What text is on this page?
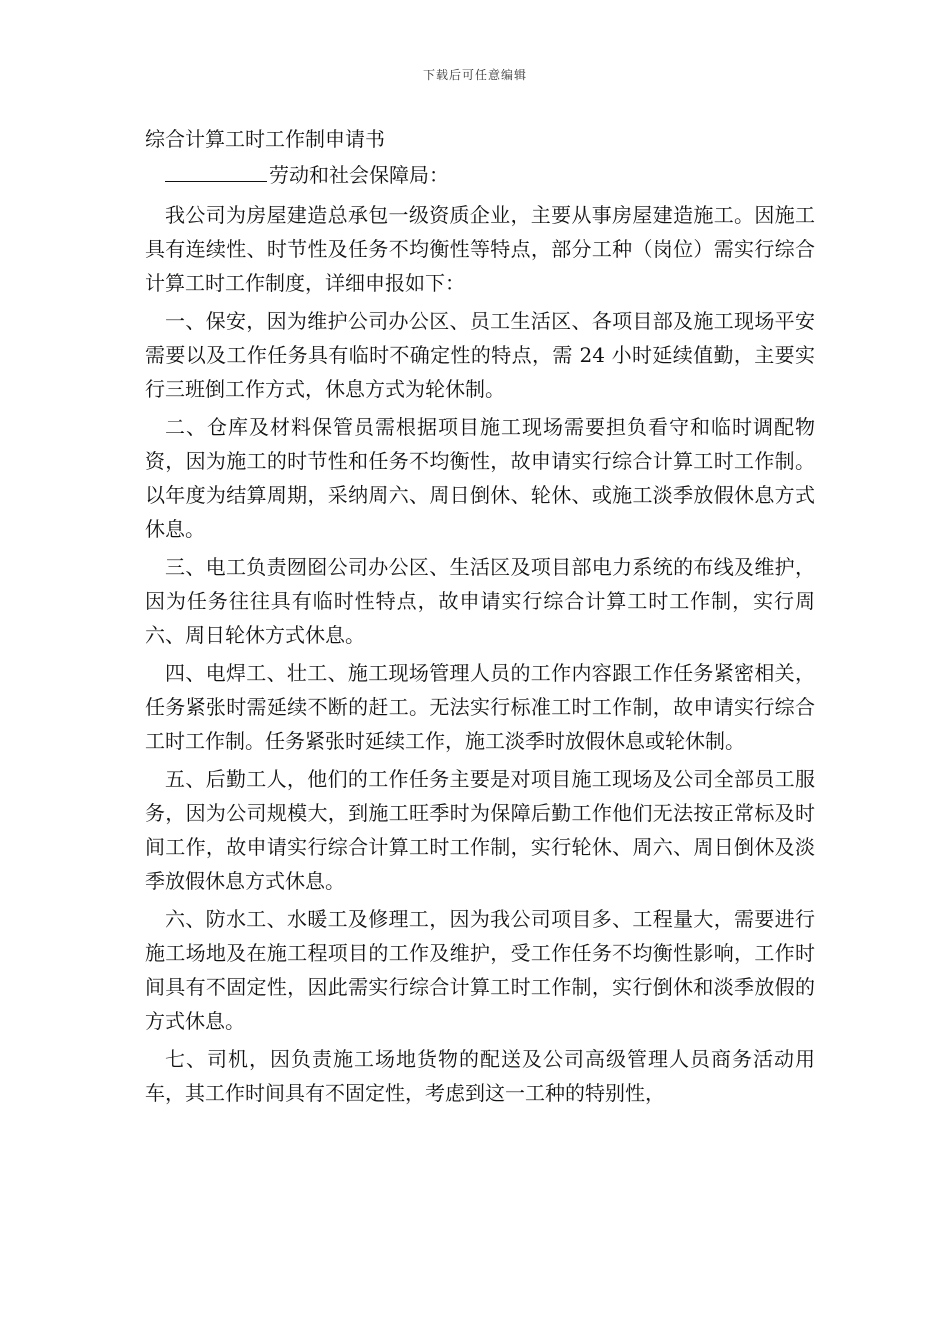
下载后可任意编辑
综合计算工时工作制申请书

劳动和社会保障局：

我公司为房屋建造总承包一级资质企业，主要从事房屋建造施工。因施工具有连续性、时节性及任务不均衡性等特点，部分工种（岗位）需实行综合计算工时工作制度，详细申报如下：

一、保安，因为维护公司办公区、员工生活区、各项目部及施工现场平安需要以及工作任务具有临时不确定性的特点，需 24 小时延续值勤，主要实行三班倒工作方式，休息方式为轮休制。

二、仓库及材料保管员需根据项目施工现场需要担负看守和临时调配物资，因为施工的时节性和任务不均衡性，故申请实行综合计算工时工作制。以年度为结算周期，采纳周六、周日倒休、轮休、或施工淡季放假休息方式休息。

三、电工负责囫囵公司办公区、生活区及项目部电力系统的布线及维护，因为任务往往具有临时性特点，故申请实行综合计算工时工作制，实行周六、周日轮休方式休息。

四、电焊工、壮工、施工现场管理人员的工作内容跟工作任务紧密相关，任务紧张时需延续不断的赶工。无法实行标准工时工作制，故申请实行综合工时工作制。任务紧张时延续工作，施工淡季时放假休息或轮休制。

五、后勤工人，他们的工作任务主要是对项目施工现场及公司全部员工服务，因为公司规模大，到施工旺季时为保障后勤工作他们无法按正常标及时间工作，故申请实行综合计算工时工作制，实行轮休、周六、周日倒休及淡季放假休息方式休息。

六、防水工、水暖工及修理工，因为我公司项目多、工程量大，需要进行施工场地及在施工程项目的工作及维护，受工作任务不均衡性影响，工作时间具有不固定性，因此需实行综合计算工时工作制，实行倒休和淡季放假的方式休息。

七、司机，因负责施工场地货物的配送及公司高级管理人员商务活动用车，其工作时间具有不固定性，考虑到这一工种的特别性，
